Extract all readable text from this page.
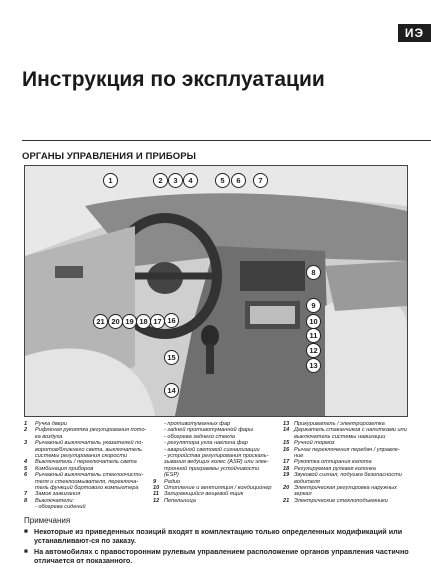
ИЭ
Инструкция по эксплуатации
ОРГАНЫ УПРАВЛЕНИЯ И ПРИБОРЫ
1	2	3	4	5	6	7
8
9
10
11
12
13
14
15
16
17
18
19
20
21
1	Ручка двери
2	Рифленая рукоятка регулирования пото-
ка воздуха
3	Рычажный выключатель указателей по-
воротов/ближнего света, выключатель
системы регулирования скорости
4	Выключатель / переключатель света
5	Комбинация приборов
6	Рычажный выключатель стеклоочисти-
теля и стеклоомывателя, переключа-
тель функций бортового компьютера
7	Замок зажигания
8	Выключатели:
- обогрева сидений
- противотуманных фар
- задней противотуманной фары
- обогрева заднего стекла
- регулятора угла наклона фар
- аварийной световой сигнализации
- устройства регулирования проскаль-
зывания ведущих колес (ASR) или элек-
тронной программы устойчивости
(ESP)
9	Радио
10 Отопление и вентиляция / кондиционер
11 Запирающийся вещевой ящик
12 Пепельница
13 Прикуриватель / электророзетка
14 Держатель стаканчиков с напитками или
выключатель системы навигации
15 Ручной тормоз
16 Рычаг переключения передач / управле-
ние
17 Рукоятка отпирания капота
18 Регулируемая рулевая колонка
19 Звуковой сигнал, подушка безопасности
водителя
20 Электрическая регулировка наружных
зеркал
21 Электрические стеклоподъемники
Примечания
■ Некоторые из приведенных позиций входят в комплектацию только определенных модификаций или устанавливают-ся по заказу.
■ На автомобилях с правосторонним рулевым управлением расположение органов управления частично отличается от показанного.
